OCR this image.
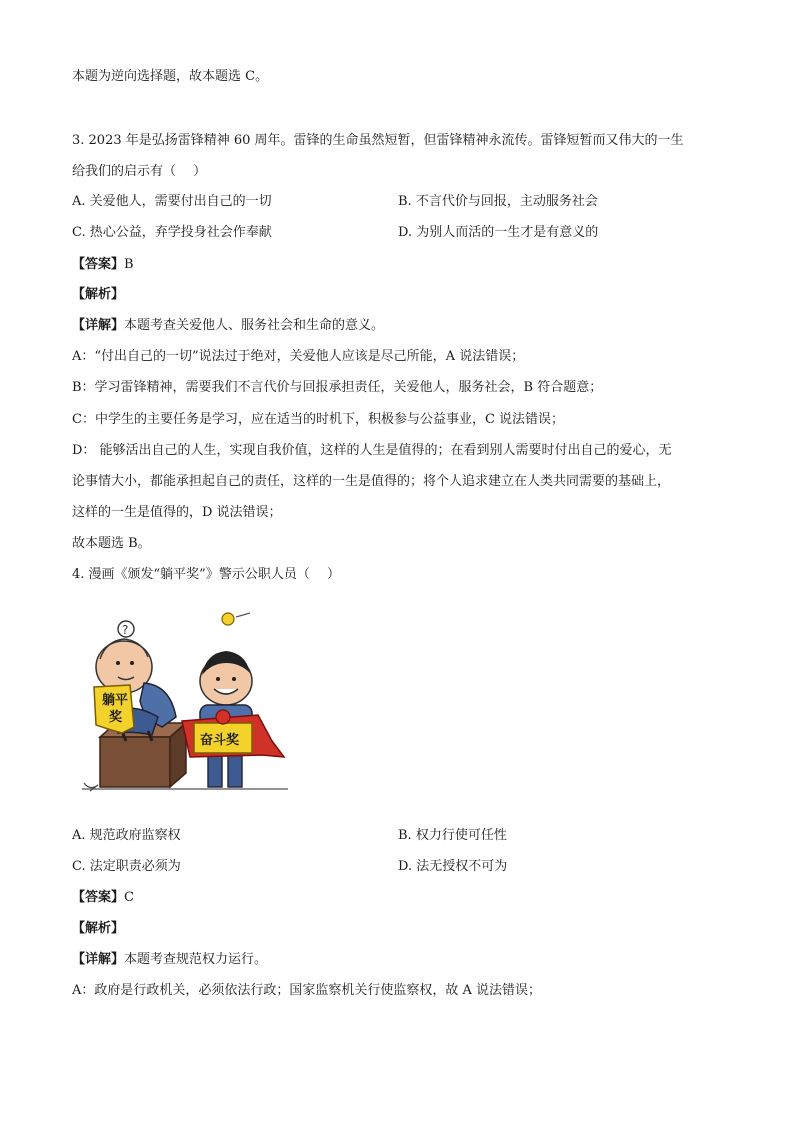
本题为逆向选择题，故本题选 C。
3. 2023 年是弘扬雷锋精神 60 周年。雷锋的生命虽然短暂，但雷锋精神永流传。雷锋短暂而又伟大的一生
给我们的启示有（　 ）
A. 关爱他人，需要付出自己的一切	B. 不言代价与回报，主动服务社会
C. 热心公益，弃学投身社会作奉献	D. 为别人而活的一生才是有意义的
【答案】B
【解析】
【详解】本题考查关爱他人、服务社会和生命的意义。
A：“付出自己的一切”说法过于绝对，关爱他人应该是尽己所能，A 说法错误；
B：学习雷锋精神，需要我们不言代价与回报承担责任，关爱他人，服务社会，B 符合题意；
C：中学生的主要任务是学习，应在适当的时机下，积极参与公益事业，C 说法错误；
D： 能够活出自己的人生，实现自我价值，这样的人生是值得的；在看到别人需要时付出自己的爱心，无
论事情大小，都能承担起自己的责任，这样的一生是值得的；将个人追求建立在人类共同需要的基础上，
这样的一生是值得的，D 说法错误；
故本题选 B。
4. 漫画《颁发“躺平奖”》警示公职人员（　 ）
?
躺平
奖
奋斗奖
A. 规范政府监察权	B. 权力行使可任性
C. 法定职责必须为	D. 法无授权不可为
【答案】C
【解析】
【详解】本题考查规范权力运行。
A：政府是行政机关，必须依法行政；国家监察机关行使监察权，故 A 说法错误；
